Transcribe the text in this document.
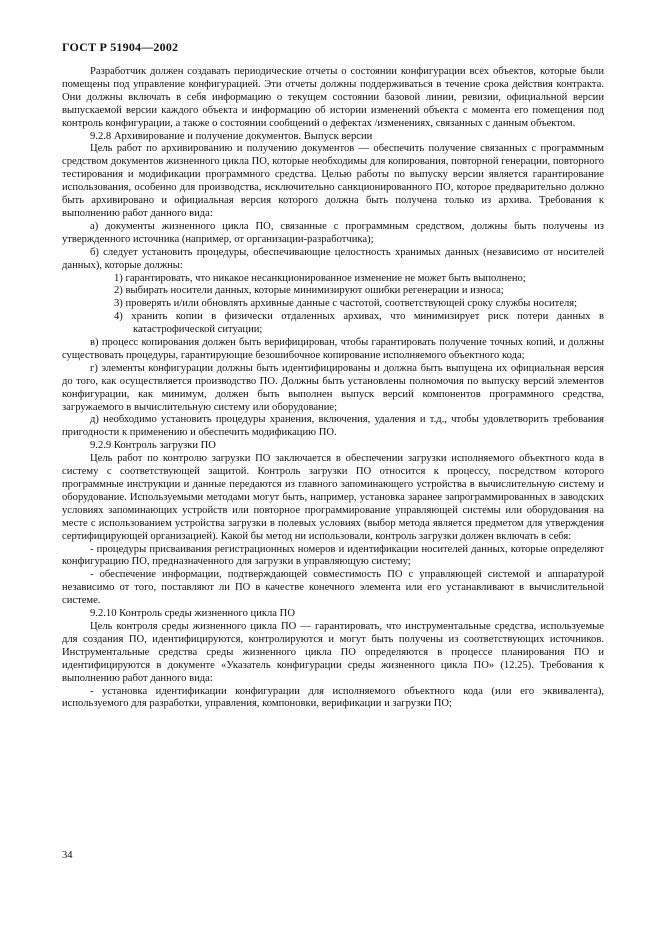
ГОСТ Р 51904—2002

Разработчик должен создавать периодические отчеты о состоянии конфигурации всех объектов, которые были помещены под управление конфигурацией. Эти отчеты должны поддерживаться в течение срока действия контракта. Они должны включать в себя информацию о текущем состоянии базовой линии, ревизии, официальной версии выпускаемой версии каждого объекта и информацию об истории изменений объекта с момента его помещения под контроль конфигурации, а также о состоянии сообщений о дефектах /изменениях, связанных с данным объектом.

9.2.8 Архивирование и получение документов. Выпуск версии

Цель работ по архивированию и получению документов — обеспечить получение связанных с программным средством документов жизненного цикла ПО, которые необходимы для копирования, повторной генерации, повторного тестирования и модификации программного средства. Целью работы по выпуску версии является гарантирование использования, особенно для производства, исключительно санкционированного ПО, которое предварительно должно быть архивировано и официальная версия которого должна быть получена только из архива. Требования к выполнению работ данного вида:

а) документы жизненного цикла ПО, связанные с программным средством, должны быть получены из утвержденного источника (например, от организации-разработчика);

б) следует установить процедуры, обеспечивающие целостность хранимых данных (независимо от носителей данных), которые должны:

1) гарантировать, что никакое несанкционированное изменение не может быть выполнено;

2) выбирать носители данных, которые минимизируют ошибки регенерации и износа;

3) проверять и/или обновлять архивные данные с частотой, соответствующей сроку службы носителя;

4) хранить копии в физически отдаленных архивах, что минимизирует риск потери данных в катастрофической ситуации;

в) процесс копирования должен быть верифицирован, чтобы гарантировать получение точных копий, и должны существовать процедуры, гарантирующие безошибочное копирование исполняемого объектного кода;

г) элементы конфигурации должны быть идентифицированы и должна быть выпущена их официальная версия до того, как осуществляется производство ПО. Должны быть установлены полномочия по выпуску версий элементов конфигурации, как минимум, должен быть выполнен выпуск версий компонентов программного средства, загружаемого в вычислительную систему или оборудование;

д) необходимо установить процедуры хранения, включения, удаления и т.д., чтобы удовлетворить требования пригодности к применению и обеспечить модификацию ПО.

9.2.9 Контроль загрузки ПО

Цель работ по контролю загрузки ПО заключается в обеспечении загрузки исполняемого объектного кода в систему с соответствующей защитой. Контроль загрузки ПО относится к процессу, посредством которого программные инструкции и данные передаются из главного запоминающего устройства в вычислительную систему и оборудование. Используемыми методами могут быть, например, установка заранее запрограммированных в заводских условиях запоминающих устройств или повторное программирование управляющей системы или оборудования на месте с использованием устройства загрузки в полевых условиях (выбор метода является предметом для утверждения сертифицирующей организацией). Какой бы метод ни использовали, контроль загрузки должен включать в себя:

- процедуры присваивания регистрационных номеров и идентификации носителей данных, которые определяют конфигурацию ПО, предназначенного для загрузки в управляющую систему;

- обеспечение информации, подтверждающей совместимость ПО с управляющей системой и аппаратурой независимо от того, поставляют ли ПО в качестве конечного элемента или его устанавливают в вычислительной системе.

9.2.10 Контроль среды жизненного цикла ПО

Цель контроля среды жизненного цикла ПО — гарантировать, что инструментальные средства, используемые для создания ПО, идентифицируются, контролируются и могут быть получены из соответствующих источников. Инструментальные средства среды жизненного цикла ПО определяются в процессе планирования ПО и идентифицируются в документе «Указатель конфигурации среды жизненного цикла ПО» (12.25). Требования к выполнению работ данного вида:

- установка идентификации конфигурации для исполняемого объектного кода (или его эквивалента), используемого для разработки, управления, компоновки, верификации и загрузки ПО;

34
